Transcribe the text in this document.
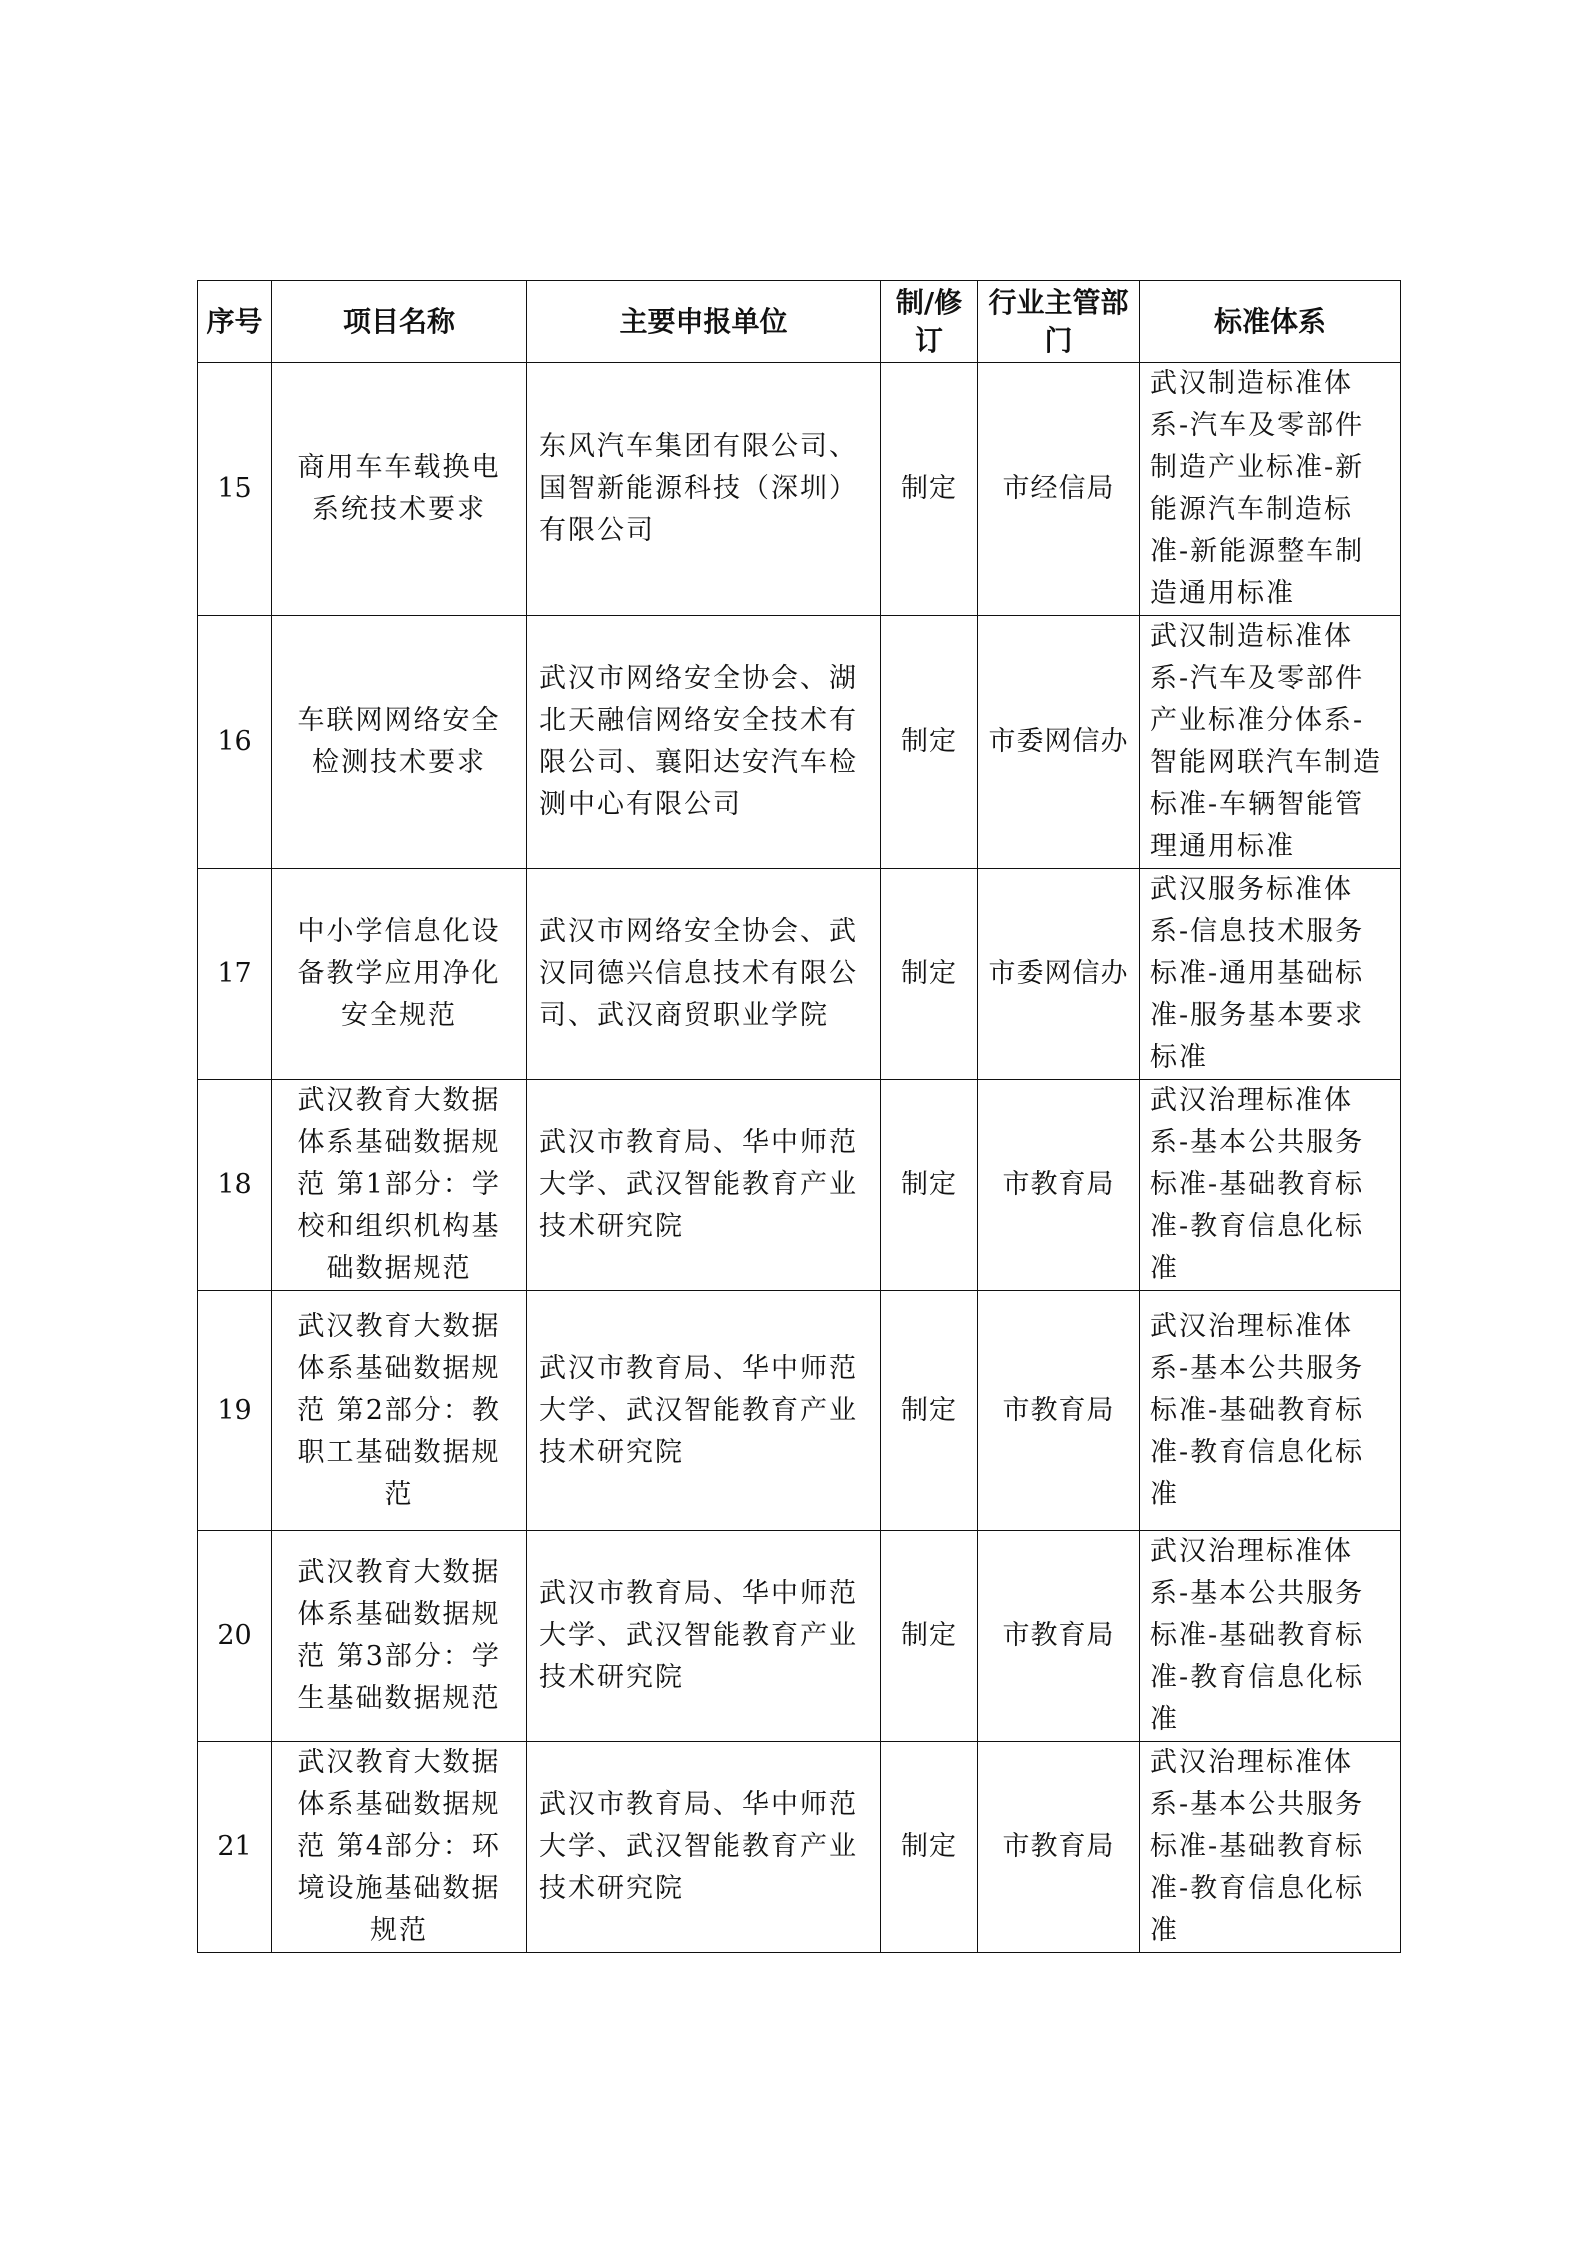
序号	项目名称	主要申报单位	制/修订	行业主管部门	标准体系
15	商用车车载换电系统技术要求	东风汽车集团有限公司、国智新能源科技（深圳）有限公司	制定	市经信局	武汉制造标准体系-汽车及零部件制造产业标准-新能源汽车制造标准-新能源整车制造通用标准
16	车联网网络安全检测技术要求	武汉市网络安全协会、湖北天融信网络安全技术有限公司、襄阳达安汽车检测中心有限公司	制定	市委网信办	武汉制造标准体系-汽车及零部件产业标准分体系-智能网联汽车制造标准-车辆智能管理通用标准
17	中小学信息化设备教学应用净化安全规范	武汉市网络安全协会、武汉同德兴信息技术有限公司、武汉商贸职业学院	制定	市委网信办	武汉服务标准体系-信息技术服务标准-通用基础标准-服务基本要求标准
18	武汉教育大数据体系基础数据规范 第1部分：学校和组织机构基础数据规范	武汉市教育局、华中师范大学、武汉智能教育产业技术研究院	制定	市教育局	武汉治理标准体系-基本公共服务标准-基础教育标准-教育信息化标准
19	武汉教育大数据体系基础数据规范 第2部分：教职工基础数据规范	武汉市教育局、华中师范大学、武汉智能教育产业技术研究院	制定	市教育局	武汉治理标准体系-基本公共服务标准-基础教育标准-教育信息化标准
20	武汉教育大数据体系基础数据规范 第3部分：学生基础数据规范	武汉市教育局、华中师范大学、武汉智能教育产业技术研究院	制定	市教育局	武汉治理标准体系-基本公共服务标准-基础教育标准-教育信息化标准
21	武汉教育大数据体系基础数据规范 第4部分：环境设施基础数据规范	武汉市教育局、华中师范大学、武汉智能教育产业技术研究院	制定	市教育局	武汉治理标准体系-基本公共服务标准-基础教育标准-教育信息化标准
